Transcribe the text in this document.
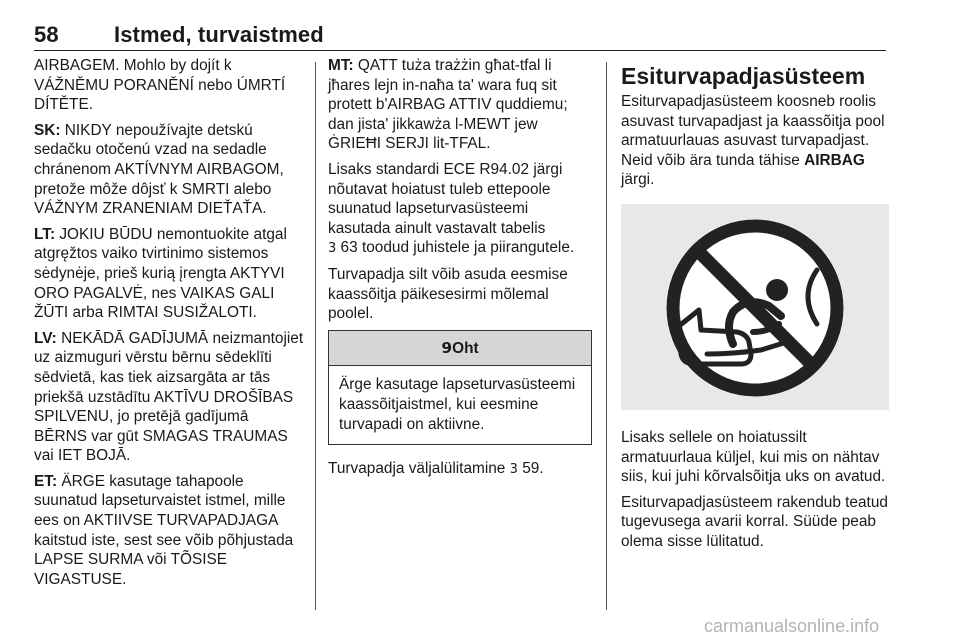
58	Istmed, turvaistmed

AIRBAGEM. Mohlo by dojít k VÁŽNĚMU PORANĚNÍ nebo ÚMRTÍ DÍTĚTE.

SK: NIKDY nepoužívajte detskú sedačku otočenú vzad na sedadle chránenom AKTÍVNYM AIRBAGOM, pretože môže dôjsť k SMRTI alebo VÁŽNYM ZRANENIAM DIEŤAŤA.

LT: JOKIU BŪDU nemontuokite atgal atgręžtos vaiko tvirtinimo sistemos sėdynėje, prieš kurią įrengta AKTYVI ORO PAGALVĖ, nes VAIKAS GALI ŽŪTI arba RIMTAI SUSIŽALOTI.

LV: NEKĀDĀ GADĪJUMĀ neizmantojiet uz aizmuguri vērstu bērnu sēdeklīti sēdvietā, kas tiek aizsargāta ar tās priekšā uzstādītu AKTĪVU DROŠĪBAS SPILVENU, jo pretējā gadījumā BĒRNS var gūt SMAGAS TRAUMAS vai IET BOJĀ.

ET: ÄRGE kasutage tahapoole suunatud lapseturvaistet istmel, mille ees on AKTIIVSE TURVAPADJAGA kaitstud iste, sest see võib põhjustada LAPSE SURMA või TÕSISE VIGASTUSE.

MT: QATT tuża trażżin għat-tfal li jħares lejn in-naħa ta' wara fuq sit protett b'AIRBAG ATTIV quddiemu; dan jista' jikkawża l-MEWT jew ĠRIEĦI SERJI lit-TFAL.

Lisaks standardi ECE R94.02 järgi nõutavat hoiatust tuleb ettepoole suunatud lapseturvasüsteemi kasutada ainult vastavalt tabelis
3 63 toodud juhistele ja piirangutele.

Turvapadja silt võib asuda eesmise kaassõitja päikesesirmi mõlemal poolel.

9Oht
Ärge kasutage lapseturvasüsteemi kaassõitjaistmel, kui eesmine turvapadi on aktiivne.

Turvapadja väljalülitamine 3 59.

Esiturvapadjasüsteem

Esiturvapadjasüsteem koosneb roolis asuvast turvapadjast ja kaassõitja pool armatuurlauas asuvast turvapadjast. Neid võib ära tunda tähise AIRBAG järgi.

Lisaks sellele on hoiatussilt armatuurlaua küljel, kui mis on nähtav siis, kui juhi kõrvalsõitja uks on avatud.

Esiturvapadjasüsteem rakendub teatud tugevusega avarii korral. Süüde peab olema sisse lülitatud.

carmanualsonline.info
